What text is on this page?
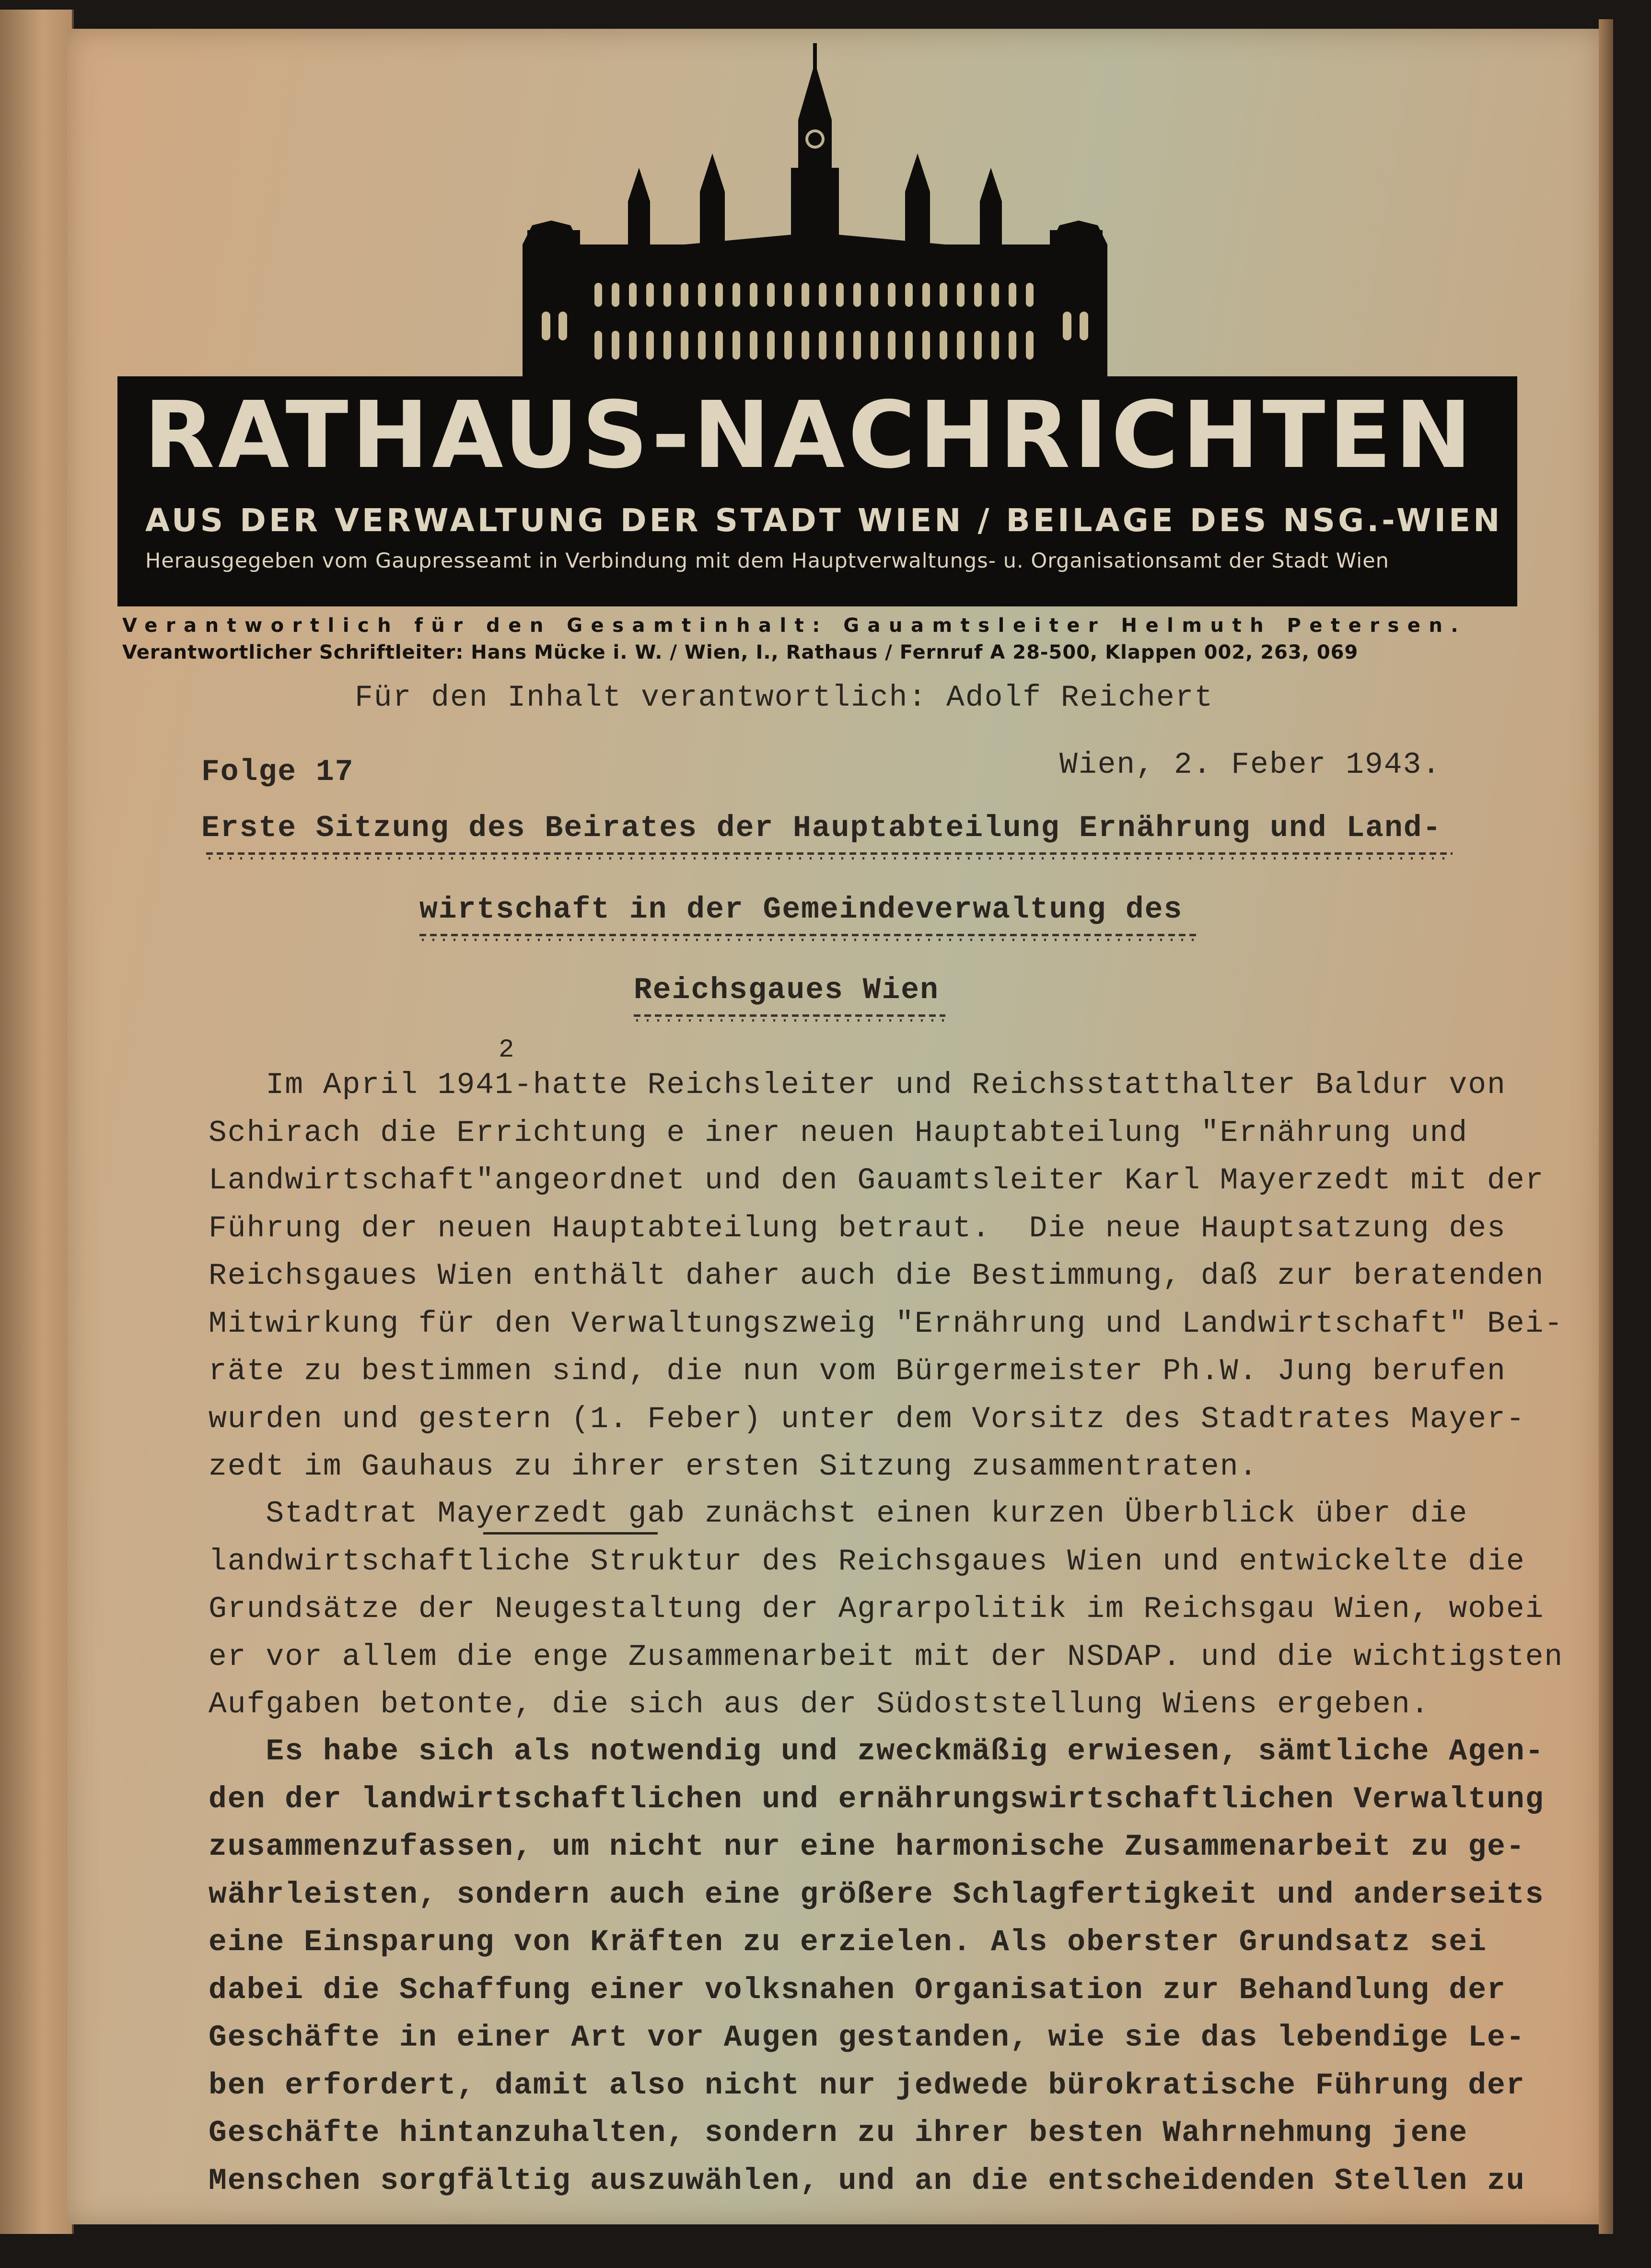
RATHAUS-NACHRICHTEN
AUS DER VERWALTUNG DER STADT WIEN / BEILAGE DES NSG.-WIEN
Herausgegeben vom Gaupresseamt in Verbindung mit dem Hauptverwaltungs- u. Organisationsamt der Stadt Wien
Verantwortlich für den Gesamtinhalt: Gauamtsleiter Helmuth Petersen.
Verantwortlicher Schriftleiter: Hans Mücke i. W. / Wien, I., Rathaus / Fernruf A 28-500, Klappen 002, 263, 069
Für den Inhalt verantwortlich: Adolf Reichert
Folge 17	Wien, 2. Feber 1943.
Erste Sitzung des Beirates der Hauptabteilung Ernährung und Land-
wirtschaft in der Gemeindeverwaltung des
Reichsgaues Wien
2
Im April 1941-hatte Reichsleiter und Reichsstatthalter Baldur von
Schirach die Errichtung e iner neuen Hauptabteilung "Ernährung und
Landwirtschaft"angeordnet und den Gauamtsleiter Karl Mayerzedt mit der
Führung der neuen Hauptabteilung betraut.  Die neue Hauptsatzung des
Reichsgaues Wien enthält daher auch die Bestimmung, daß zur beratenden
Mitwirkung für den Verwaltungszweig "Ernährung und Landwirtschaft" Bei-
räte zu bestimmen sind, die nun vom Bürgermeister Ph.W. Jung berufen
wurden und gestern (1. Feber) unter dem Vorsitz des Stadtrates Mayer-
zedt im Gauhaus zu ihrer ersten Sitzung zusammentraten.
Stadtrat Mayerzedt gab zunächst einen kurzen Überblick über die
landwirtschaftliche Struktur des Reichsgaues Wien und entwickelte die
Grundsätze der Neugestaltung der Agrarpolitik im Reichsgau Wien, wobei
er vor allem die enge Zusammenarbeit mit der NSDAP. und die wichtigsten
Aufgaben betonte, die sich aus der Südoststellung Wiens ergeben.
Es habe sich als notwendig und zweckmäßig erwiesen, sämtliche Agen-
den der landwirtschaftlichen und ernährungswirtschaftlichen Verwaltung
zusammenzufassen, um nicht nur eine harmonische Zusammenarbeit zu ge-
währleisten, sondern auch eine größere Schlagfertigkeit und anderseits
eine Einsparung von Kräften zu erzielen. Als oberster Grundsatz sei
dabei die Schaffung einer volksnahen Organisation zur Behandlung der
Geschäfte in einer Art vor Augen gestanden, wie sie das lebendige Le-
ben erfordert, damit also nicht nur jedwede bürokratische Führung der
Geschäfte hintanzuhalten, sondern zu ihrer besten Wahrnehmung jene
Menschen sorgfältig auszuwählen, und an die entscheidenden Stellen zu
